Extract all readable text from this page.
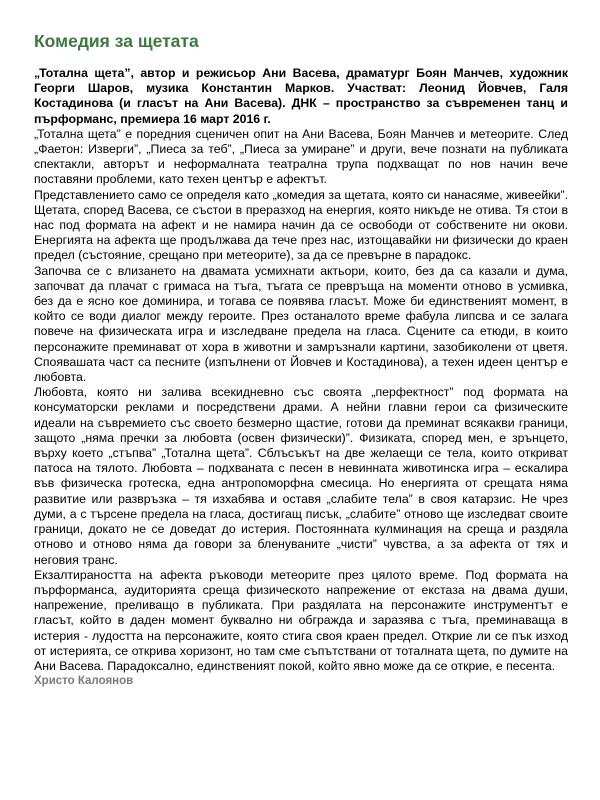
Комедия за щетата

„Тотална щета”, автор и режисьор Ани Васева, драматург Боян Манчев, художник Георги Шаров, музика Константин Марков. Участват: Леонид Йовчев, Галя Костадинова (и гласът на Ани Васева). ДНК – пространство за съвременен танц и пърформанс, премиера 16 март 2016 г.

„Тотална щета” е поредния сценичен опит на Ани Васева, Боян Манчев и метеорите. След „Фаетон: Изверги”, „Пиеса за теб”, „Пиеса за умиране” и други, вече познати на публиката спектакли, авторът и неформалната театрална трупа подхващат по нов начин вече поставяни проблеми, като техен център е афектът.

Представлението само се определя като „комедия за щетата, която си нанасяме, живеейки”. Щетата, според Васева, се състои в преразход на енергия, която никъде не отива. Тя стои в нас под формата на афект и не намира начин да се освободи от собствените ни окови. Енергията на афекта ще продължава да тече през нас, изтощавайки ни физически до краен предел (състояние, срещано при метеорите), за да се превърне в парадокс.

Започва се с влизането на двамата усмихнати актьори, които, без да са казали и дума, започват да плачат с гримаса на тъга, тъгата се превръща на моменти отново в усмивка, без да е ясно кое доминира, и тогава се появява гласът. Може би единственият момент, в който се води диалог между героите. През останалото време фабула липсва и се залага повече на физическата игра и изследване предела на гласа. Сцените са етюди, в които персонажите преминават от хора в животни и замръзнали картини, зазобиколени от цветя. Споявашата част са песните (изпълнени от Йовчев и Костадинова), а техен идеен център е любовта.

Любовта, която ни залива всекидневно със своята „перфектност” под формата на консуматорски реклами и посредствени драми. А нейни главни герои са физическите идеали на съвремието със своето безмерно щастие, готови да преминат всякакви граници, защото „няма пречки за любовта (освен физически)”. Физиката, според мен, е зрънцето, върху което „стъпва” „Тотална щета”. Сблъсъкът на две желаещи се тела, които откриват патоса на тялото. Любовта – подхваната с песен в невинната животинска игра – ескалира във физическа гротеска, една антропоморфна смесица. Но енергията от срещата няма развитие или развръзка – тя изхабява и оставя „слабите тела” в своя катарзис. Не чрез думи, а с търсене предела на гласа, достигащ писък, „слабите” отново ще изследват своите граници, докато не се доведат до истерия. Постоянната кулминация на среща и раздяла отново и отново няма да говори за бленуваните „чисти” чувства, а за афекта от тях и неговия транс.

Екзалтираността на афекта ръководи метеорите през цялото време. Под формата на пърформанса, аудиторията среща физическото напрежение от екстаза на двама души, напрежение, преливащо в публиката. При раздялата на персонажите инструментът е гласът, който в даден момент буквално ни обгражда и заразява с тъга, преминаваща в истерия - лудостта на персонажите, която стига своя краен предел. Открие ли се пък изход от истерията, се открива хоризонт, но там сме съпътствани от тоталната щета, по думите на Ани Васева. Парадоксално, единственият покой, който явно може да се открие, е песента.

Христо Калоянов
